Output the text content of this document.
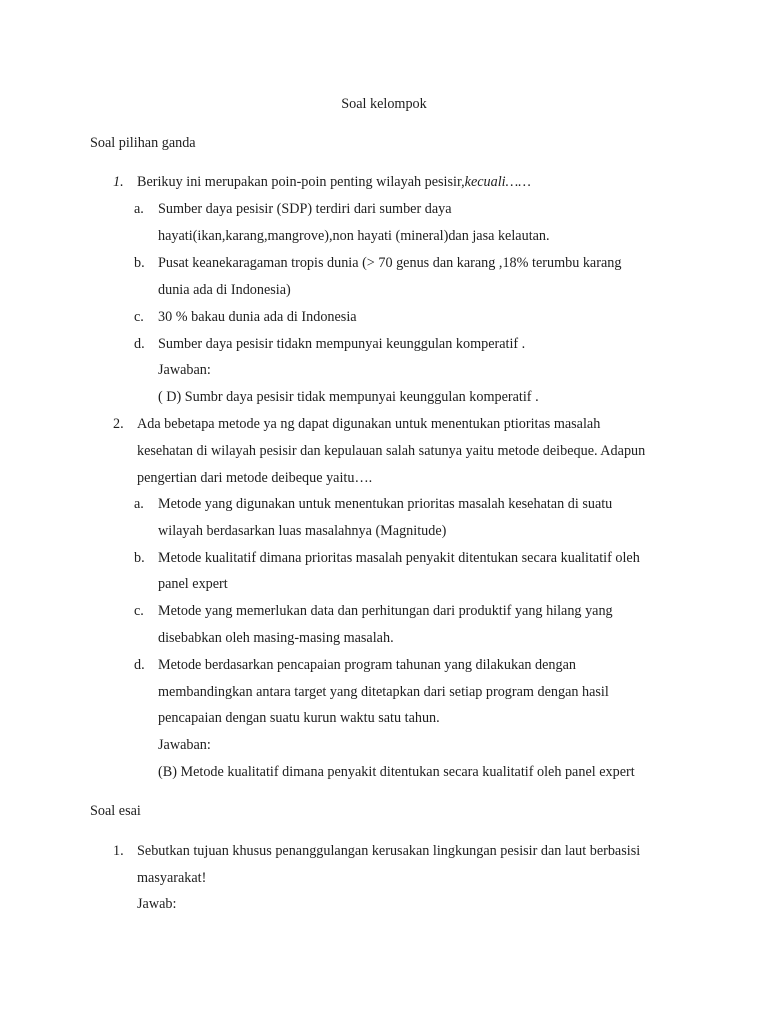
Soal kelompok
Soal pilihan ganda
1. Berikuy ini merupakan poin-poin penting wilayah pesisir,kecuali……
a. Sumber daya pesisir (SDP) terdiri dari sumber daya
hayati(ikan,karang,mangrove),non hayati (mineral)dan jasa kelautan.
b. Pusat keanekaragaman tropis dunia (> 70 genus dan karang ,18% terumbu karang
dunia ada di Indonesia)
c. 30 % bakau dunia ada di Indonesia
d. Sumber daya pesisir tidakn mempunyai keunggulan komperatif .
Jawaban:
( D) Sumbr daya pesisir tidak mempunyai keunggulan komperatif .
2. Ada bebetapa metode ya ng dapat digunakan untuk menentukan ptioritas masalah
kesehatan di wilayah pesisir dan kepulauan salah satunya yaitu metode deibeque. Adapun
pengertian dari metode deibeque yaitu….
a. Metode yang digunakan untuk menentukan prioritas masalah kesehatan di suatu
wilayah berdasarkan luas masalahnya (Magnitude)
b. Metode kualitatif dimana prioritas masalah penyakit ditentukan secara kualitatif oleh
panel expert
c. Metode yang memerlukan data dan perhitungan dari produktif yang hilang yang
disebabkan oleh masing-masing masalah.
d. Metode berdasarkan pencapaian program tahunan yang dilakukan dengan
membandingkan antara target yang ditetapkan dari setiap program dengan hasil
pencapaian dengan suatu kurun waktu satu tahun.
Jawaban:
(B) Metode kualitatif dimana penyakit ditentukan secara kualitatif oleh panel expert
Soal esai
1. Sebutkan tujuan khusus penanggulangan kerusakan lingkungan pesisir dan laut berbasisi
masyarakat!
Jawab:
